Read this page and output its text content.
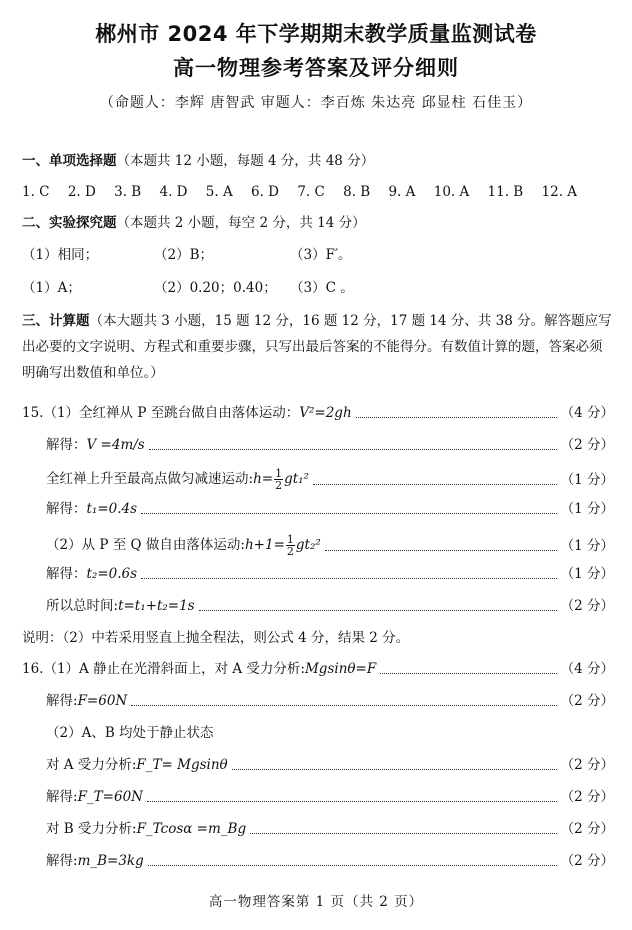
郴州市 2024 年下学期期末教学质量监测试卷
高一物理参考答案及评分细则
（命题人：李辉 唐智武 审题人：李百炼 朱达亮 邱显柱 石佳玉）
一、单项选择题（本题共 12 小题，每题 4 分，共 48 分）
1. C 2. D 3. B 4. D 5. A 6. D 7. C 8. B 9. A 10. A 11. B 12. A
二、实验探究题（本题共 2 小题，每空 2 分，共 14 分）
（1）相同；	（2）B；	（3）F′。
（1）A；	（2）0.20；0.40； （3）C 。
三、计算题（本大题共 3 小题，15 题 12 分，16 题 12 分，17 题 14 分、共 38 分。解答题应写出必要的文字说明、方程式和重要步骤，只写出最后答案的不能得分。有数值计算的题，答案必须明确写出数值和单位。）
15.（1）全红禅从 P 至跳台做自由落体运动：V²=2gh	（4 分）
解得：V =4m/s	（2 分）
全红禅上升至最高点做匀减速运动:h= $\frac{1}{2} gt_1^2$	（1 分）
解得：t₁=0.4s	（1 分）
（2）从 P 至 Q 做自由落体运动:h+1= $\frac{1}{2} gt_2^2$	（1 分）
解得：t₂=0.6s	（1 分）
所以总时间:t=t₁+t₂=1s	（2 分）
说明：（2）中若采用竖直上抛全程法，则公式 4 分，结果 2 分。
16.（1）A 静止在光滑斜面上，对 A 受力分析:Mgsinθ=F	（4 分）
解得:F=60N	（2 分）
（2）A、B 均处于静止状态
对 A 受力分析:F_T= Mgsinθ	（2 分）
解得:F_T=60N	（2 分）
对 B 受力分析:F_Tcosα =m_Bg	（2 分）
解得:m_B=3kg	（2 分）
高一物理答案第 1 页（共 2 页）
